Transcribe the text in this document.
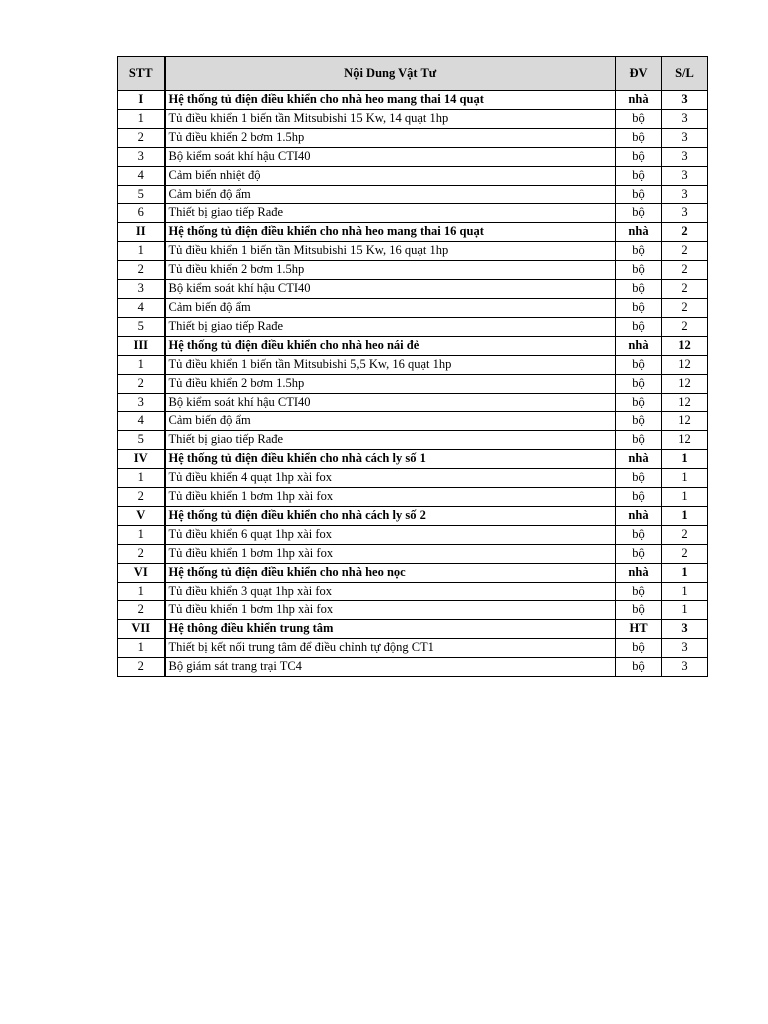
STT	Nội Dung Vật Tư	ĐV	S/L
I	Hệ thống tủ điện điều khiển cho nhà heo mang thai 14 quạt	nhà	3
1	Tủ điều khiển 1 biến tần Mitsubishi 15 Kw, 14 quạt 1hp	bộ	3
2	Tủ điều khiển 2 bơm 1.5hp	bộ	3
3	Bộ kiểm soát khí hậu CTI40	bộ	3
4	Cảm biến nhiệt độ	bộ	3
5	Cảm biến độ ẩm	bộ	3
6	Thiết bị giao tiếp Rađe	bộ	3
II	Hệ thống tủ điện điều khiển cho nhà heo mang thai 16 quạt	nhà	2
1	Tủ điều khiển 1 biến tần Mitsubishi 15 Kw, 16 quạt 1hp	bộ	2
2	Tủ điều khiển 2 bơm 1.5hp	bộ	2
3	Bộ kiểm soát khí hậu CTI40	bộ	2
4	Cảm biến độ ẩm	bộ	2
5	Thiết bị giao tiếp Rađe	bộ	2
III	Hệ thống tủ điện điều khiển cho nhà heo nái đẻ	nhà	12
1	Tủ điều khiển 1 biến tần Mitsubishi 5,5 Kw, 16 quạt 1hp	bộ	12
2	Tủ điều khiển 2 bơm 1.5hp	bộ	12
3	Bộ kiểm soát khí hậu CTI40	bộ	12
4	Cảm biến độ ẩm	bộ	12
5	Thiết bị giao tiếp Rađe	bộ	12
IV	Hệ thống tủ điện điều khiển cho nhà cách ly số 1	nhà	1
1	Tủ điều khiển 4 quạt 1hp xài fox	bộ	1
2	Tủ điều khiển 1 bơm 1hp xài fox	bộ	1
V	Hệ thống tủ điện điều khiển cho nhà cách ly số 2	nhà	1
1	Tủ điều khiển 6 quạt 1hp xài fox	bộ	2
2	Tủ điều khiển 1 bơm 1hp xài fox	bộ	2
VI	Hệ thống tủ điện điều khiển cho nhà heo nọc	nhà	1
1	Tủ điều khiển 3 quạt 1hp xài fox	bộ	1
2	Tủ điều khiển 1 bơm 1hp xài fox	bộ	1
VII	Hệ thông điều khiển trung tâm	HT	3
1	Thiết bị kết nối trung tâm để điều chỉnh tự động CT1	bộ	3
2	Bộ giám sát trang trại TC4	bộ	3
